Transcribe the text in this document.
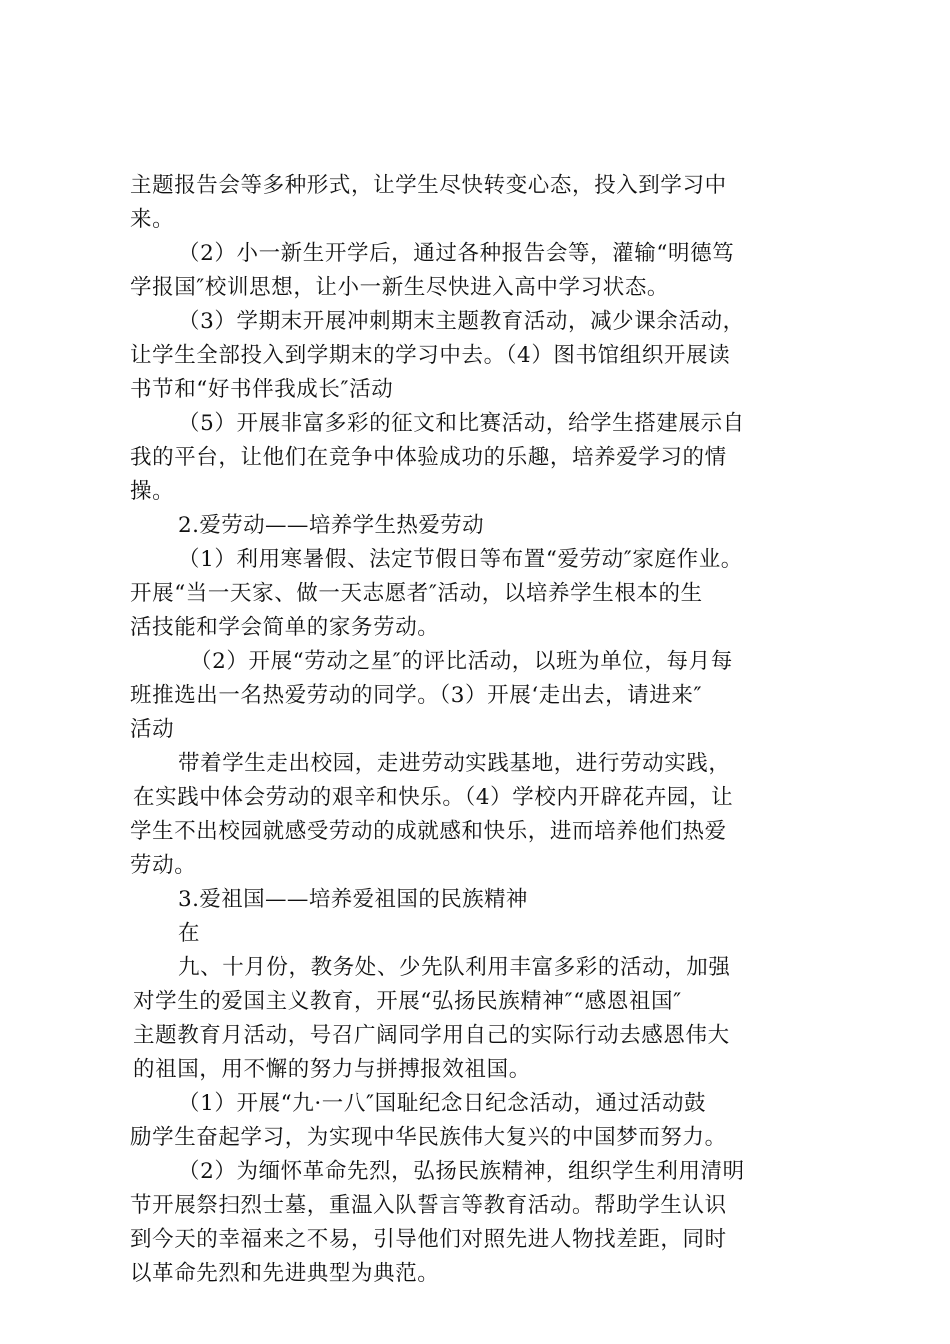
主题报告会等多种形式，让学生尽快转变心态，投入到学习中
来。
（2）小一新生开学后，通过各种报告会等，灌输“明德笃
学报国″校训思想，让小一新生尽快进入高中学习状态。
（3）学期末开展冲刺期末主题教育活动，减少课余活动，
让学生全部投入到学期末的学习中去。（4）图书馆组织开展读
书节和“好书伴我成长″活动
（5）开展非富多彩的征文和比赛活动，给学生搭建展示自
我的平台，让他们在竞争中体验成功的乐趣，培养爱学习的情
操。
2.爱劳动——培养学生热爱劳动
（1）利用寒暑假、法定节假日等布置“爱劳动″家庭作业。
开展“当一天家、做一天志愿者″活动，以培养学生根本的生
活技能和学会简单的家务劳动。
（2）开展“劳动之星″的评比活动，以班为单位，每月每
班推选出一名热爱劳动的同学。（3）开展‘走出去，请进来″
活动
带着学生走出校园，走进劳动实践基地，进行劳动实践，
在实践中体会劳动的艰辛和快乐。（4）学校内开辟花卉园，让
学生不出校园就感受劳动的成就感和快乐，进而培养他们热爱
劳动。
3.爱祖国——培养爱祖国的民族精神
在
九、十月份，教务处、少先队利用丰富多彩的活动，加强
对学生的爱国主义教育，开展“弘扬民族精神″“感恩祖国″
主题教育月活动，号召广阔同学用自己的实际行动去感恩伟大
的祖国，用不懈的努力与拼搏报效祖国。
（1）开展“九·一八″国耻纪念日纪念活动，通过活动鼓
励学生奋起学习，为实现中华民族伟大复兴的中国梦而努力。
（2）为缅怀革命先烈，弘扬民族精神，组织学生利用清明
节开展祭扫烈士墓，重温入队誓言等教育活动。帮助学生认识
到今天的幸福来之不易，引导他们对照先进人物找差距，同时
以革命先烈和先进典型为典范。
